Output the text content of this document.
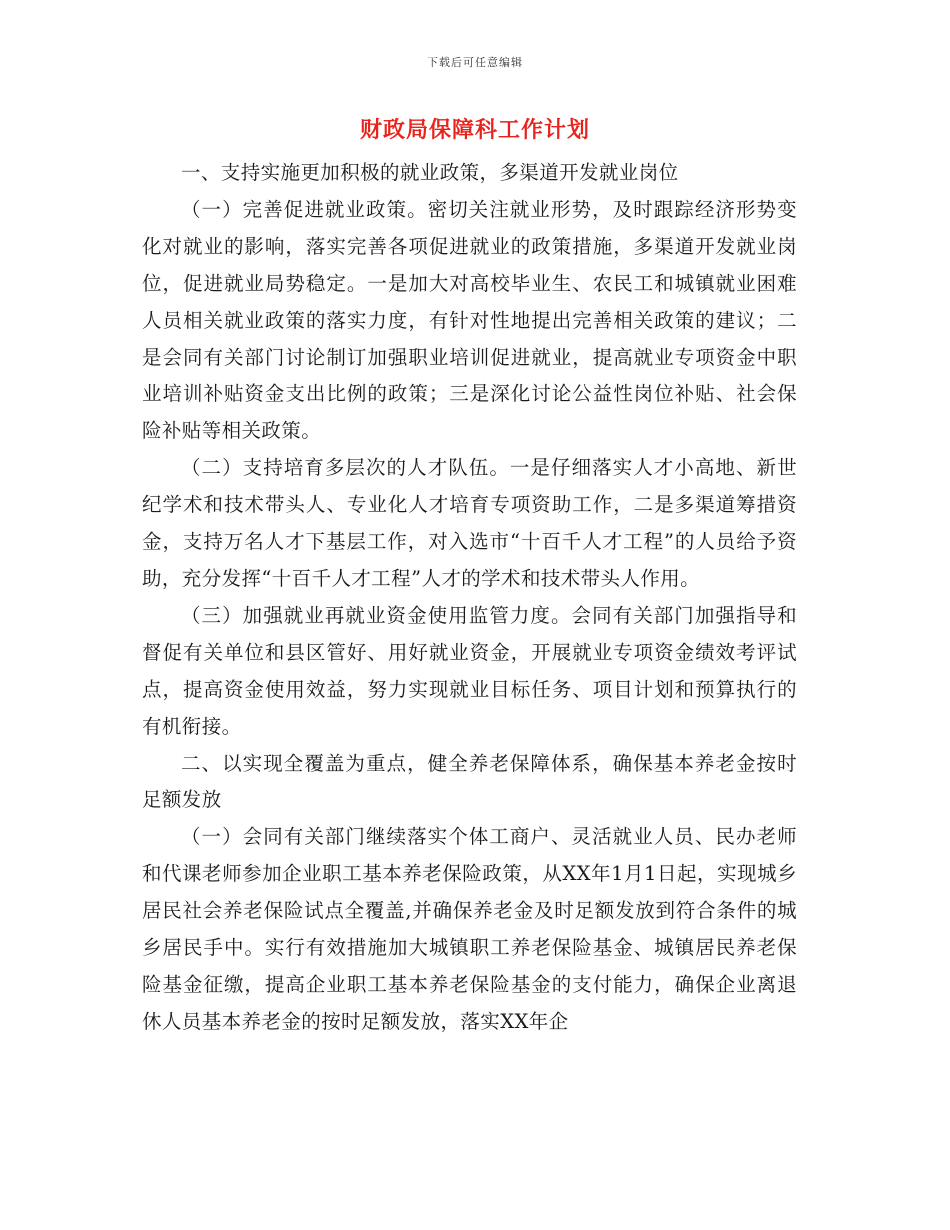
下载后可任意编辑
财政局保障科工作计划

一、支持实施更加积极的就业政策，多渠道开发就业岗位

（一）完善促进就业政策。密切关注就业形势，及时跟踪经济形势变化对就业的影响，落实完善各项促进就业的政策措施，多渠道开发就业岗位，促进就业局势稳定。一是加大对高校毕业生、农民工和城镇就业困难人员相关就业政策的落实力度，有针对性地提出完善相关政策的建议；二是会同有关部门讨论制订加强职业培训促进就业，提高就业专项资金中职业培训补贴资金支出比例的政策；三是深化讨论公益性岗位补贴、社会保险补贴等相关政策。

（二）支持培育多层次的人才队伍。一是仔细落实人才小高地、新世纪学术和技术带头人、专业化人才培育专项资助工作，二是多渠道筹措资金，支持万名人才下基层工作，对入选市“十百千人才工程”的人员给予资助，充分发挥“十百千人才工程”人才的学术和技术带头人作用。

（三）加强就业再就业资金使用监管力度。会同有关部门加强指导和督促有关单位和县区管好、用好就业资金，开展就业专项资金绩效考评试点，提高资金使用效益，努力实现就业目标任务、项目计划和预算执行的有机衔接。

二、以实现全覆盖为重点，健全养老保障体系，确保基本养老金按时足额发放

（一）会同有关部门继续落实个体工商户、灵活就业人员、民办老师和代课老师参加企业职工基本养老保险政策，从XX年1月1日起，实现城乡居民社会养老保险试点全覆盖,并确保养老金及时足额发放到符合条件的城乡居民手中。实行有效措施加大城镇职工养老保险基金、城镇居民养老保险基金征缴，提高企业职工基本养老保险基金的支付能力，确保企业离退休人员基本养老金的按时足额发放，落实XX年企
